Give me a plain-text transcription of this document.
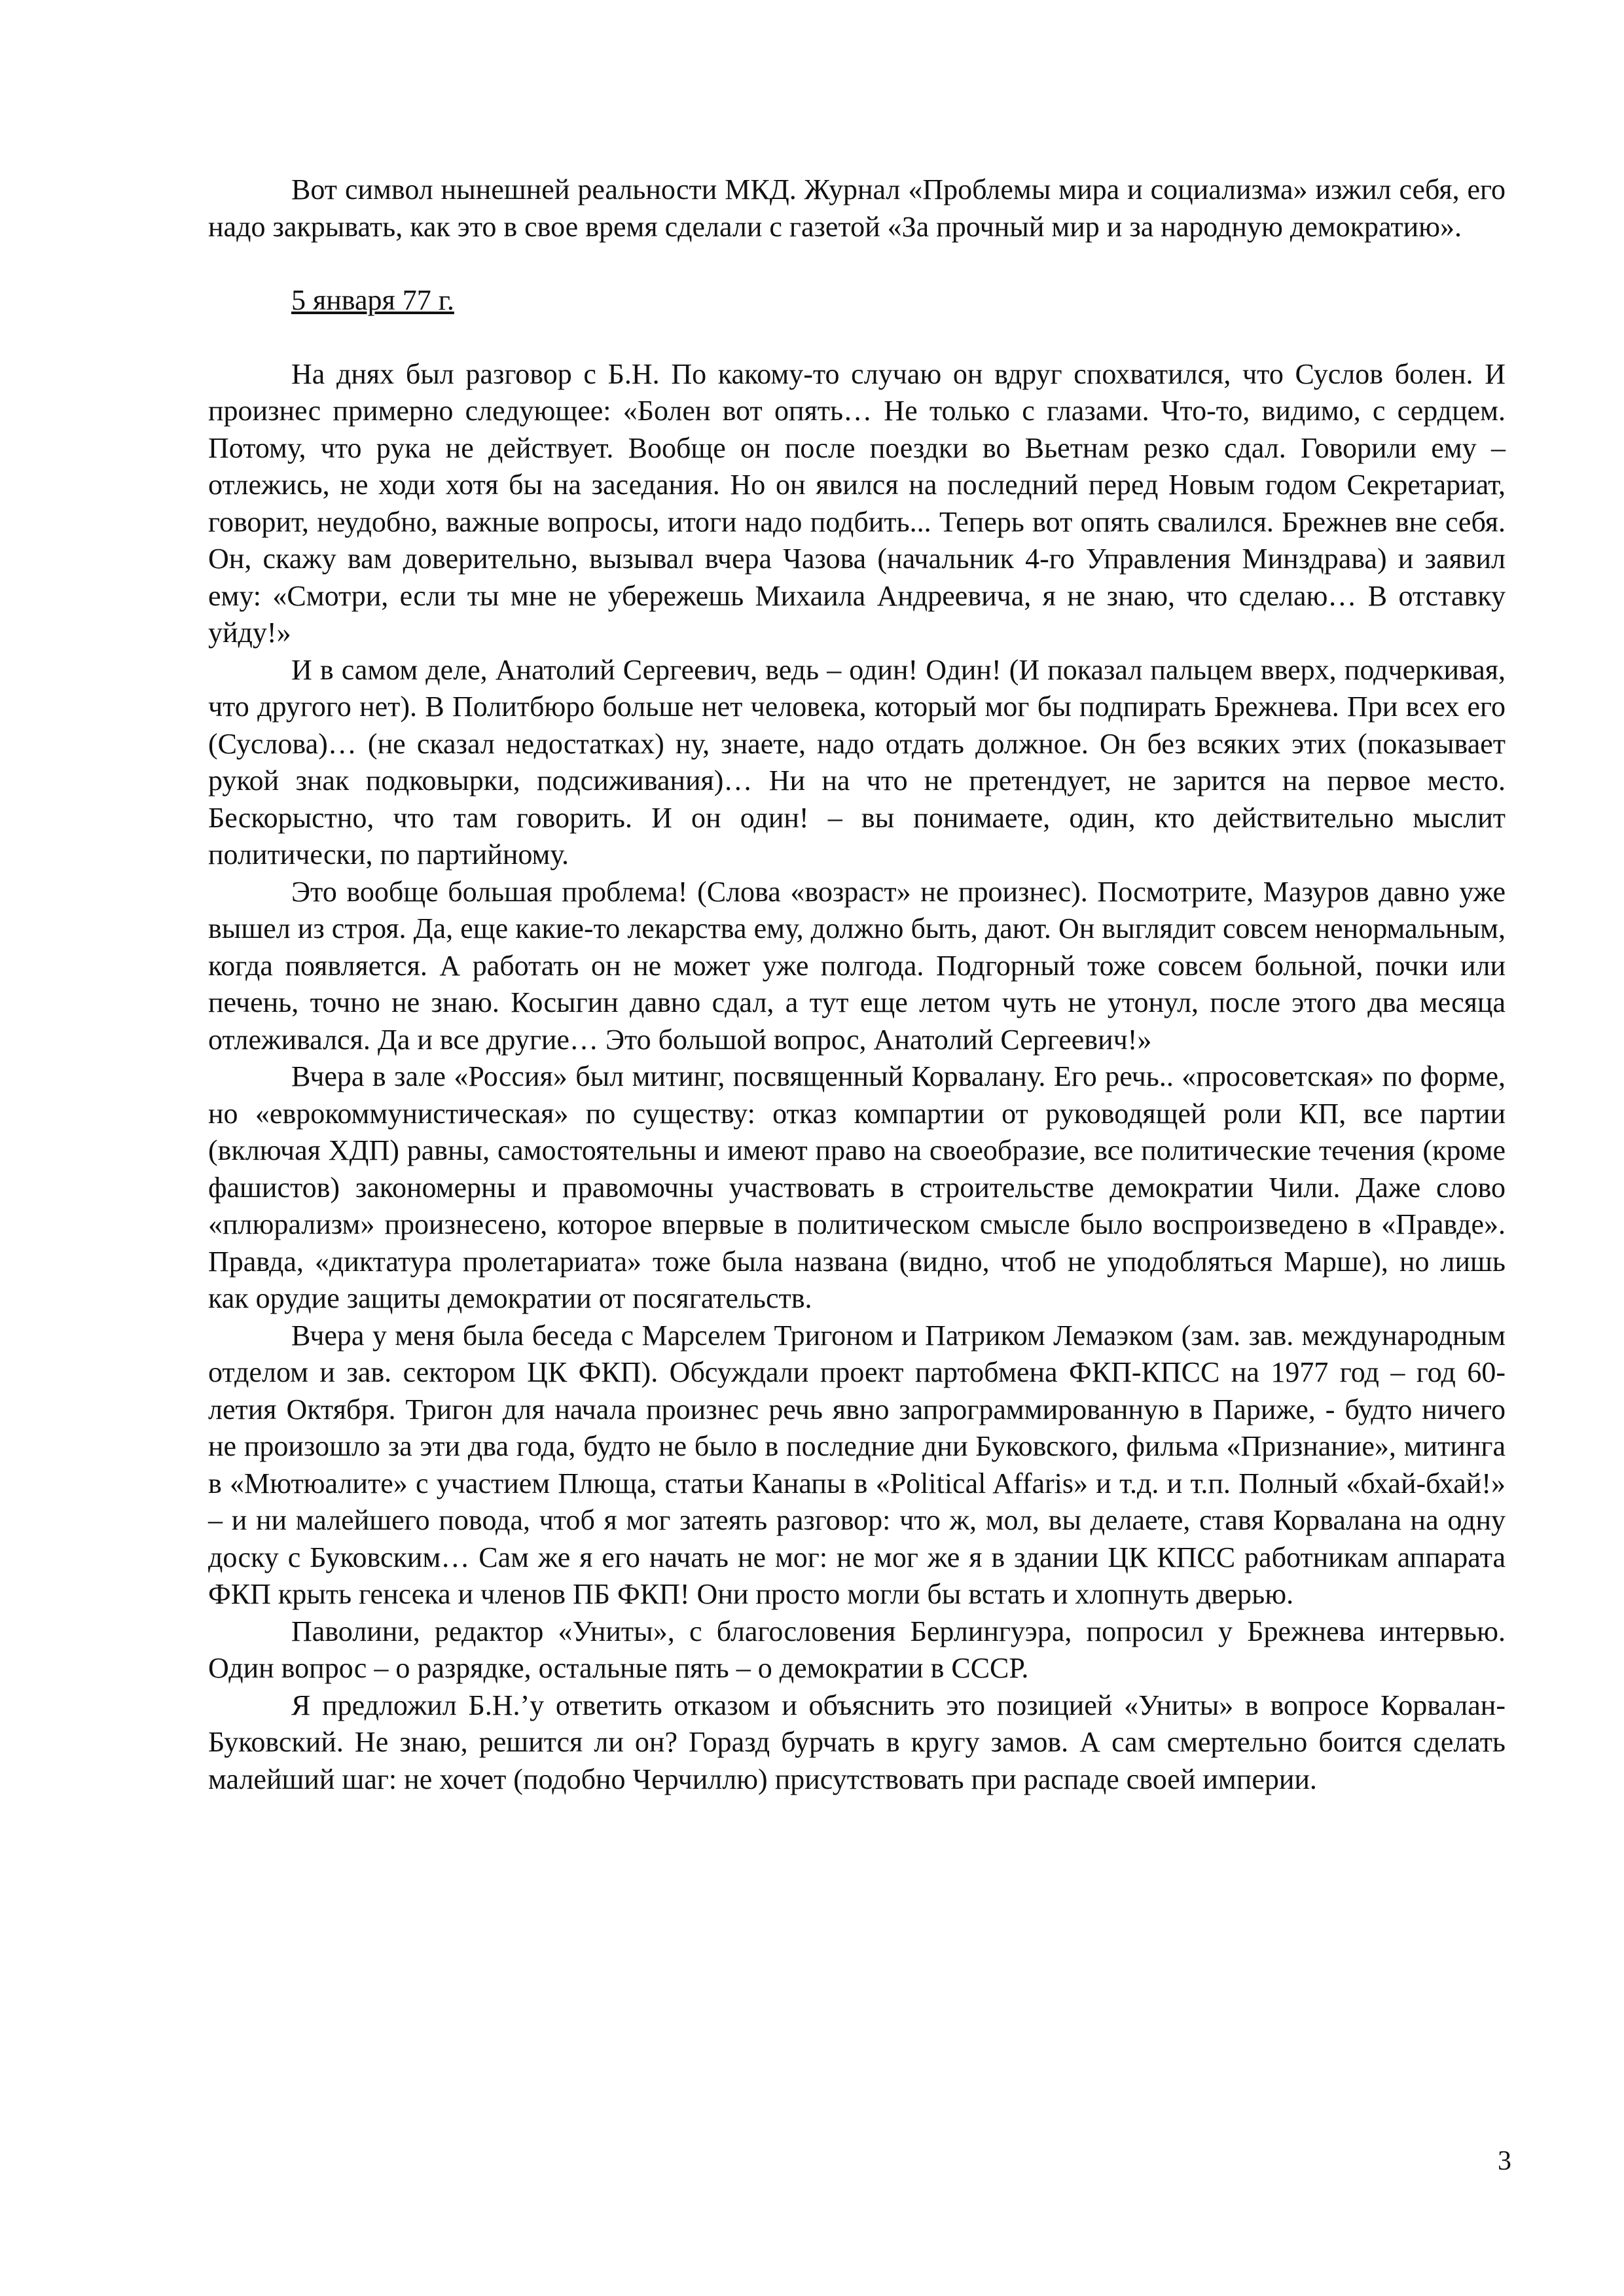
Вот символ нынешней реальности МКД. Журнал «Проблемы мира и социализма» изжил себя, его надо закрывать, как это в свое время сделали с газетой «За прочный мир и за народную демократию».

5 января 77 г.

На днях был разговор с Б.Н. По какому-то случаю он вдруг спохватился, что Суслов болен. И произнес примерно следующее: «Болен вот опять… Не только с глазами. Что-то, видимо, с сердцем. Потому, что рука не действует. Вообще он после поездки во Вьетнам резко сдал. Говорили ему – отлежись, не ходи хотя бы на заседания. Но он явился на последний перед Новым годом Секретариат, говорит, неудобно, важные вопросы, итоги надо подбить... Теперь вот опять свалился. Брежнев вне себя. Он, скажу вам доверительно, вызывал вчера Чазова (начальник 4-го Управления Минздрава) и заявил ему: «Смотри, если ты мне не убережешь Михаила Андреевича, я не знаю, что сделаю… В отставку уйду!»

И в самом деле, Анатолий Сергеевич, ведь – один! Один! (И показал пальцем вверх, подчеркивая, что другого нет). В Политбюро больше нет человека, который мог бы подпирать Брежнева. При всех его (Суслова)… (не сказал недостатках) ну, знаете, надо отдать должное. Он без всяких этих (показывает рукой знак подковырки, подсиживания)… Ни на что не претендует, не зарится на первое место. Бескорыстно, что там говорить. И он один! – вы понимаете, один, кто действительно мыслит политически, по партийному.

Это вообще большая проблема! (Слова «возраст» не произнес). Посмотрите, Мазуров давно уже вышел из строя. Да, еще какие-то лекарства ему, должно быть, дают. Он выглядит совсем ненормальным, когда появляется. А работать он не может уже полгода. Подгорный тоже совсем больной, почки или печень, точно не знаю. Косыгин давно сдал, а тут еще летом чуть не утонул, после этого два месяца отлеживался. Да и все другие… Это большой вопрос, Анатолий Сергеевич!»

Вчера в зале «Россия» был митинг, посвященный Корвалану. Его речь.. «просоветская» по форме, но «еврокоммунистическая» по существу: отказ компартии от руководящей роли КП, все партии (включая ХДП) равны, самостоятельны и имеют право на своеобразие, все политические течения (кроме фашистов) закономерны и правомочны участвовать в строительстве демократии Чили. Даже слово «плюрализм» произнесено, которое впервые в политическом смысле было воспроизведено в «Правде». Правда, «диктатура пролетариата» тоже была названа (видно, чтоб не уподобляться Марше), но лишь как орудие защиты демократии от посягательств.

Вчера у меня была беседа с Марселем Тригоном и Патриком Лемаэком (зам. зав. международным отделом и зав. сектором ЦК ФКП). Обсуждали проект партобмена ФКП-КПСС на 1977 год – год 60-летия Октября. Тригон для начала произнес речь явно запрограммированную в Париже, - будто ничего не произошло за эти два года, будто не было в последние дни Буковского, фильма «Признание», митинга в «Мютюалите» с участием Плюща, статьи Канапы в «Political Affaris» и т.д. и т.п. Полный «бхай-бхай!» – и ни малейшего повода, чтоб я мог затеять разговор: что ж, мол, вы делаете, ставя Корвалана на одну доску с Буковским… Сам же я его начать не мог: не мог же я в здании ЦК КПСС работникам аппарата ФКП крыть генсека и членов ПБ ФКП! Они просто могли бы встать и хлопнуть дверью.

Паволини, редактор «Униты», с благословения Берлингуэра, попросил у Брежнева интервью. Один вопрос – о разрядке, остальные пять – о демократии в СССР.

Я предложил Б.Н.’у ответить отказом и объяснить это позицией «Униты» в вопросе Корвалан-Буковский. Не знаю, решится ли он? Гоpазд бурчать в кругу замов. А сам смертельно боится сделать малейший шаг: не хочет (подобно Черчиллю) присутствовать при распаде своей империи.

3
